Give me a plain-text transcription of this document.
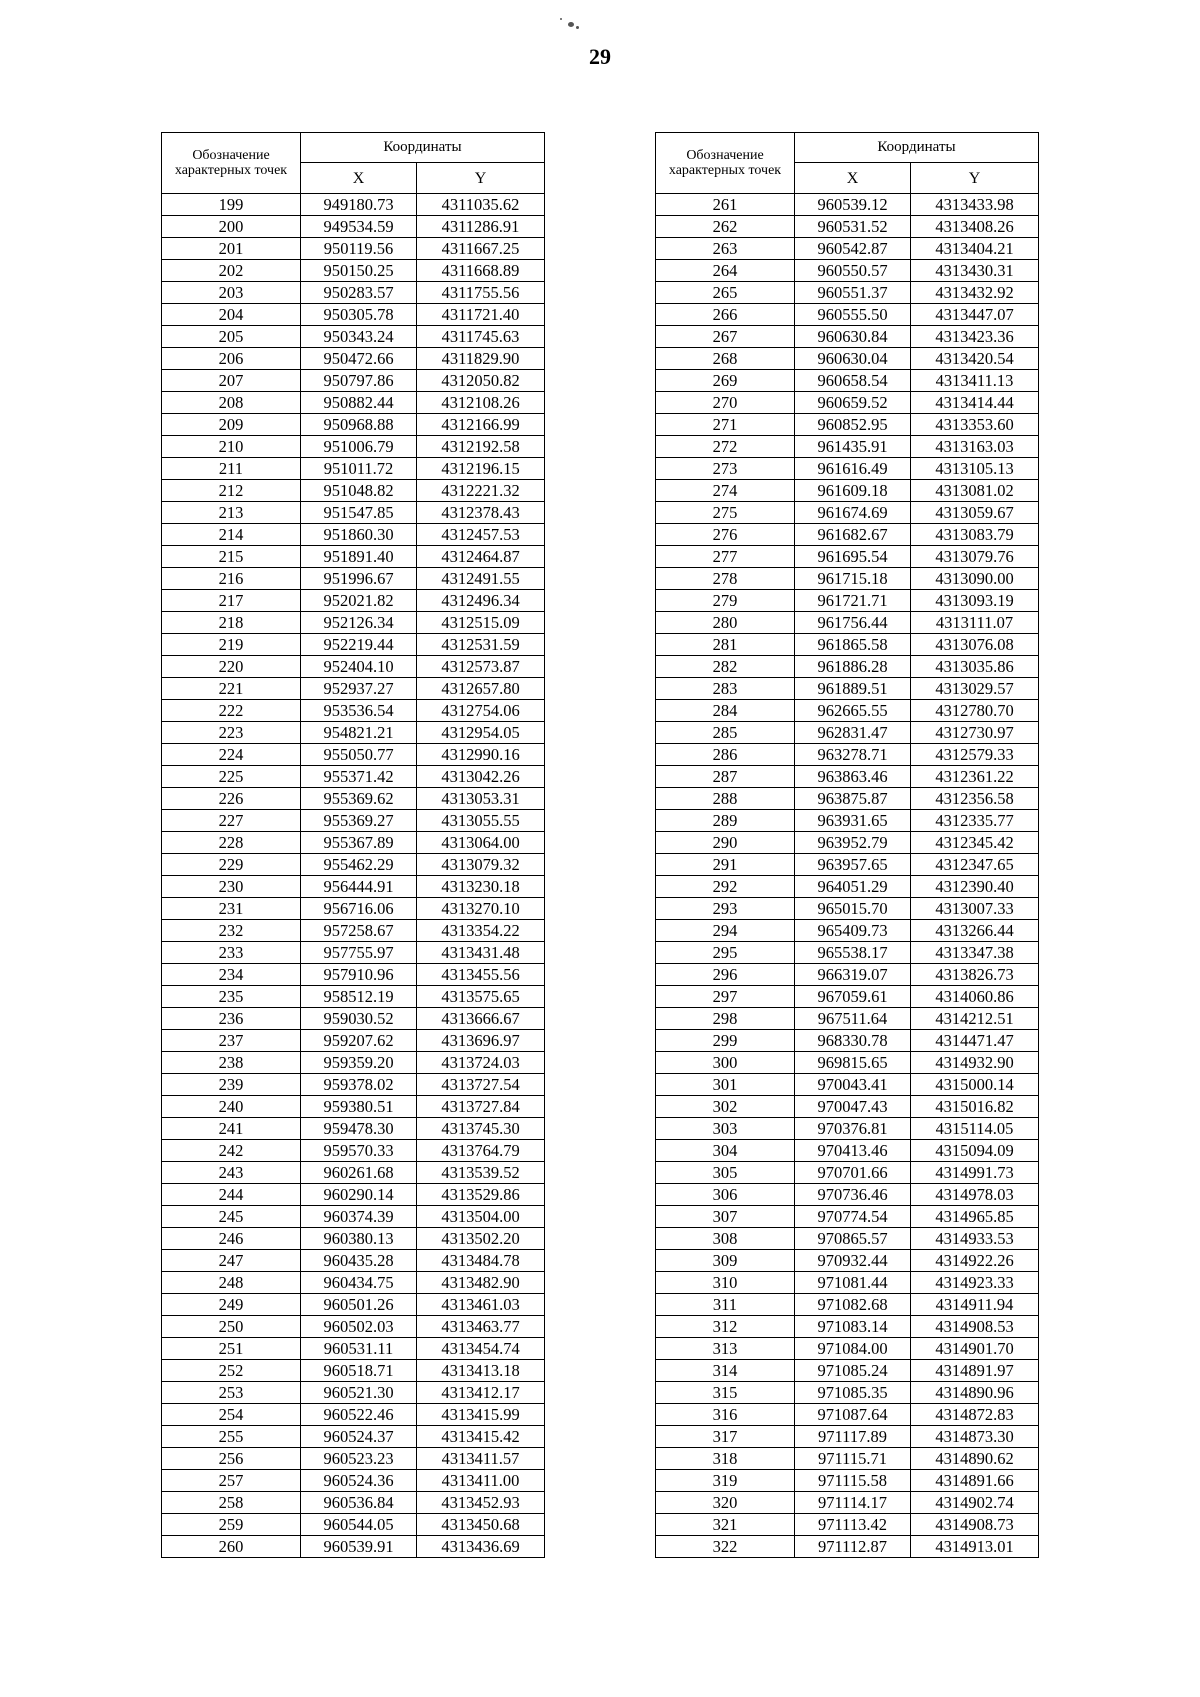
29
Обозначение характерных точек	Координаты	
	X	Y
199	949180.73	4311035.62
200	949534.59	4311286.91
201	950119.56	4311667.25
202	950150.25	4311668.89
203	950283.57	4311755.56
204	950305.78	4311721.40
205	950343.24	4311745.63
206	950472.66	4311829.90
207	950797.86	4312050.82
208	950882.44	4312108.26
209	950968.88	4312166.99
210	951006.79	4312192.58
211	951011.72	4312196.15
212	951048.82	4312221.32
213	951547.85	4312378.43
214	951860.30	4312457.53
215	951891.40	4312464.87
216	951996.67	4312491.55
217	952021.82	4312496.34
218	952126.34	4312515.09
219	952219.44	4312531.59
220	952404.10	4312573.87
221	952937.27	4312657.80
222	953536.54	4312754.06
223	954821.21	4312954.05
224	955050.77	4312990.16
225	955371.42	4313042.26
226	955369.62	4313053.31
227	955369.27	4313055.55
228	955367.89	4313064.00
229	955462.29	4313079.32
230	956444.91	4313230.18
231	956716.06	4313270.10
232	957258.67	4313354.22
233	957755.97	4313431.48
234	957910.96	4313455.56
235	958512.19	4313575.65
236	959030.52	4313666.67
237	959207.62	4313696.97
238	959359.20	4313724.03
239	959378.02	4313727.54
240	959380.51	4313727.84
241	959478.30	4313745.30
242	959570.33	4313764.79
243	960261.68	4313539.52
244	960290.14	4313529.86
245	960374.39	4313504.00
246	960380.13	4313502.20
247	960435.28	4313484.78
248	960434.75	4313482.90
249	960501.26	4313461.03
250	960502.03	4313463.77
251	960531.11	4313454.74
252	960518.71	4313413.18
253	960521.30	4313412.17
254	960522.46	4313415.99
255	960524.37	4313415.42
256	960523.23	4313411.57
257	960524.36	4313411.00
258	960536.84	4313452.93
259	960544.05	4313450.68
260	960539.91	4313436.69
Обозначение характерных точек	Координаты	
	X	Y
261	960539.12	4313433.98
262	960531.52	4313408.26
263	960542.87	4313404.21
264	960550.57	4313430.31
265	960551.37	4313432.92
266	960555.50	4313447.07
267	960630.84	4313423.36
268	960630.04	4313420.54
269	960658.54	4313411.13
270	960659.52	4313414.44
271	960852.95	4313353.60
272	961435.91	4313163.03
273	961616.49	4313105.13
274	961609.18	4313081.02
275	961674.69	4313059.67
276	961682.67	4313083.79
277	961695.54	4313079.76
278	961715.18	4313090.00
279	961721.71	4313093.19
280	961756.44	4313111.07
281	961865.58	4313076.08
282	961886.28	4313035.86
283	961889.51	4313029.57
284	962665.55	4312780.70
285	962831.47	4312730.97
286	963278.71	4312579.33
287	963863.46	4312361.22
288	963875.87	4312356.58
289	963931.65	4312335.77
290	963952.79	4312345.42
291	963957.65	4312347.65
292	964051.29	4312390.40
293	965015.70	4313007.33
294	965409.73	4313266.44
295	965538.17	4313347.38
296	966319.07	4313826.73
297	967059.61	4314060.86
298	967511.64	4314212.51
299	968330.78	4314471.47
300	969815.65	4314932.90
301	970043.41	4315000.14
302	970047.43	4315016.82
303	970376.81	4315114.05
304	970413.46	4315094.09
305	970701.66	4314991.73
306	970736.46	4314978.03
307	970774.54	4314965.85
308	970865.57	4314933.53
309	970932.44	4314922.26
310	971081.44	4314923.33
311	971082.68	4314911.94
312	971083.14	4314908.53
313	971084.00	4314901.70
314	971085.24	4314891.97
315	971085.35	4314890.96
316	971087.64	4314872.83
317	971117.89	4314873.30
318	971115.71	4314890.62
319	971115.58	4314891.66
320	971114.17	4314902.74
321	971113.42	4314908.73
322	971112.87	4314913.01
